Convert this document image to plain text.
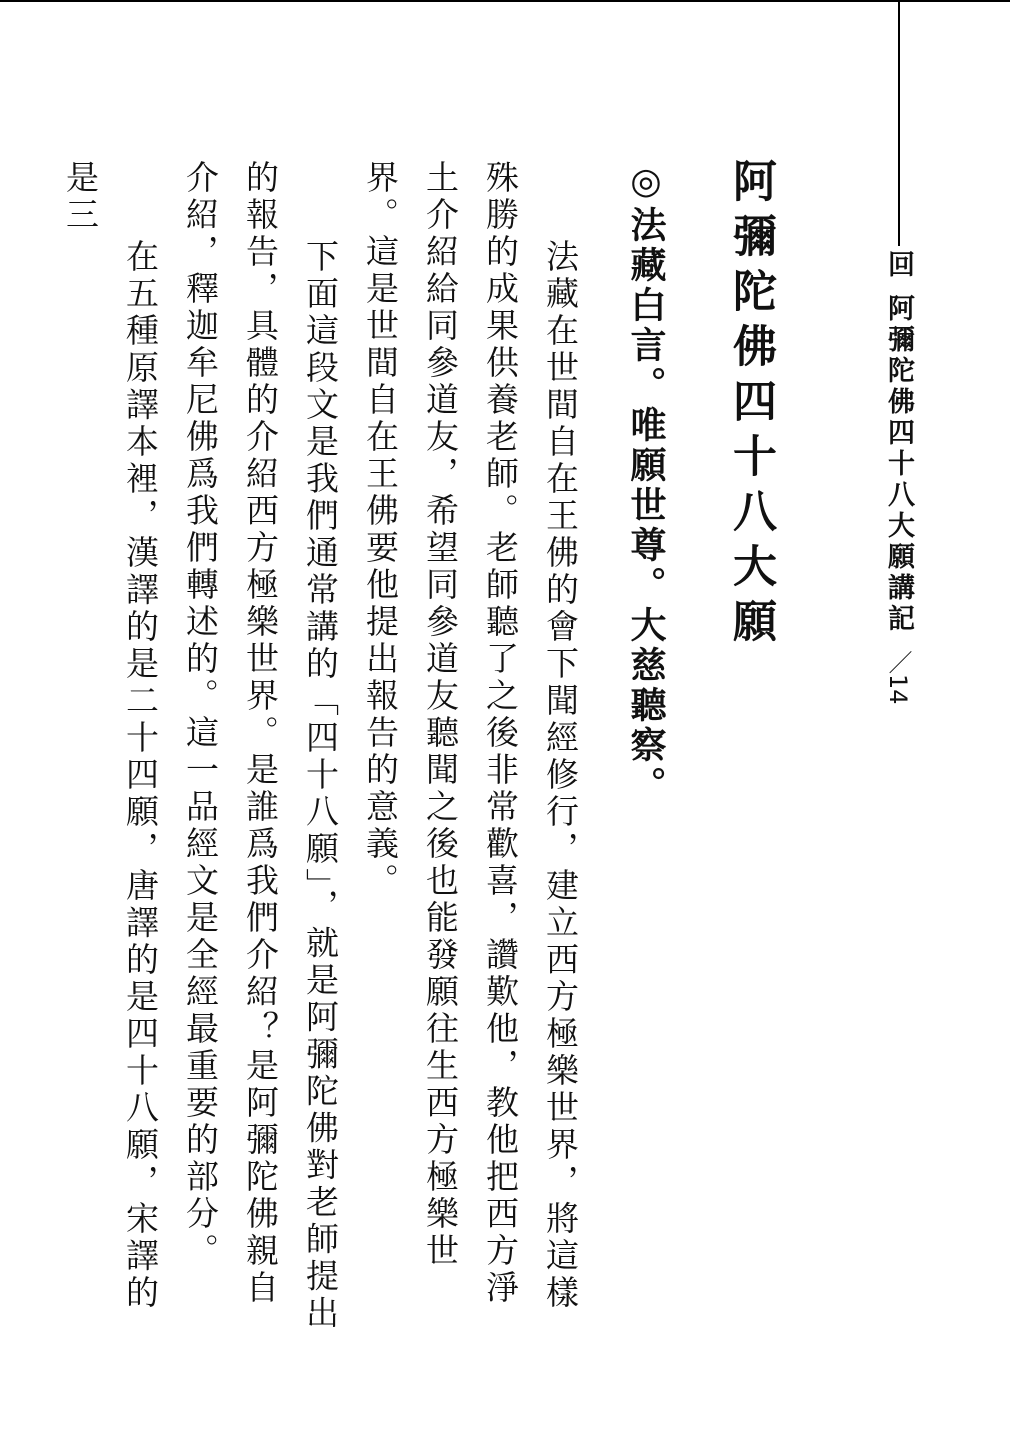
回 阿彌陀佛四十八大願講記
／14
阿彌陀佛四十八大願
◎法藏白言。唯願世尊。大慈聽察。

法藏在世間自在王佛的會下聞經修行，建立西方極樂世界，將這樣殊勝的成果供養老師。老師聽了之後非常歡喜，讚歎他，教他把西方淨土介紹給同參道友，希望同參道友聽聞之後也能發願往生西方極樂世界。這是世間自在王佛要他提出報告的意義。

下面這段文是我們通常講的「四十八願」，就是阿彌陀佛對老師提出的報告，具體的介紹西方極樂世界。是誰爲我們介紹？是阿彌陀佛親自介紹，釋迦牟尼佛爲我們轉述的。這一品經文是全經最重要的部分。

在五種原譯本裡，漢譯的是二十四願，唐譯的是四十八願，宋譯的是三
